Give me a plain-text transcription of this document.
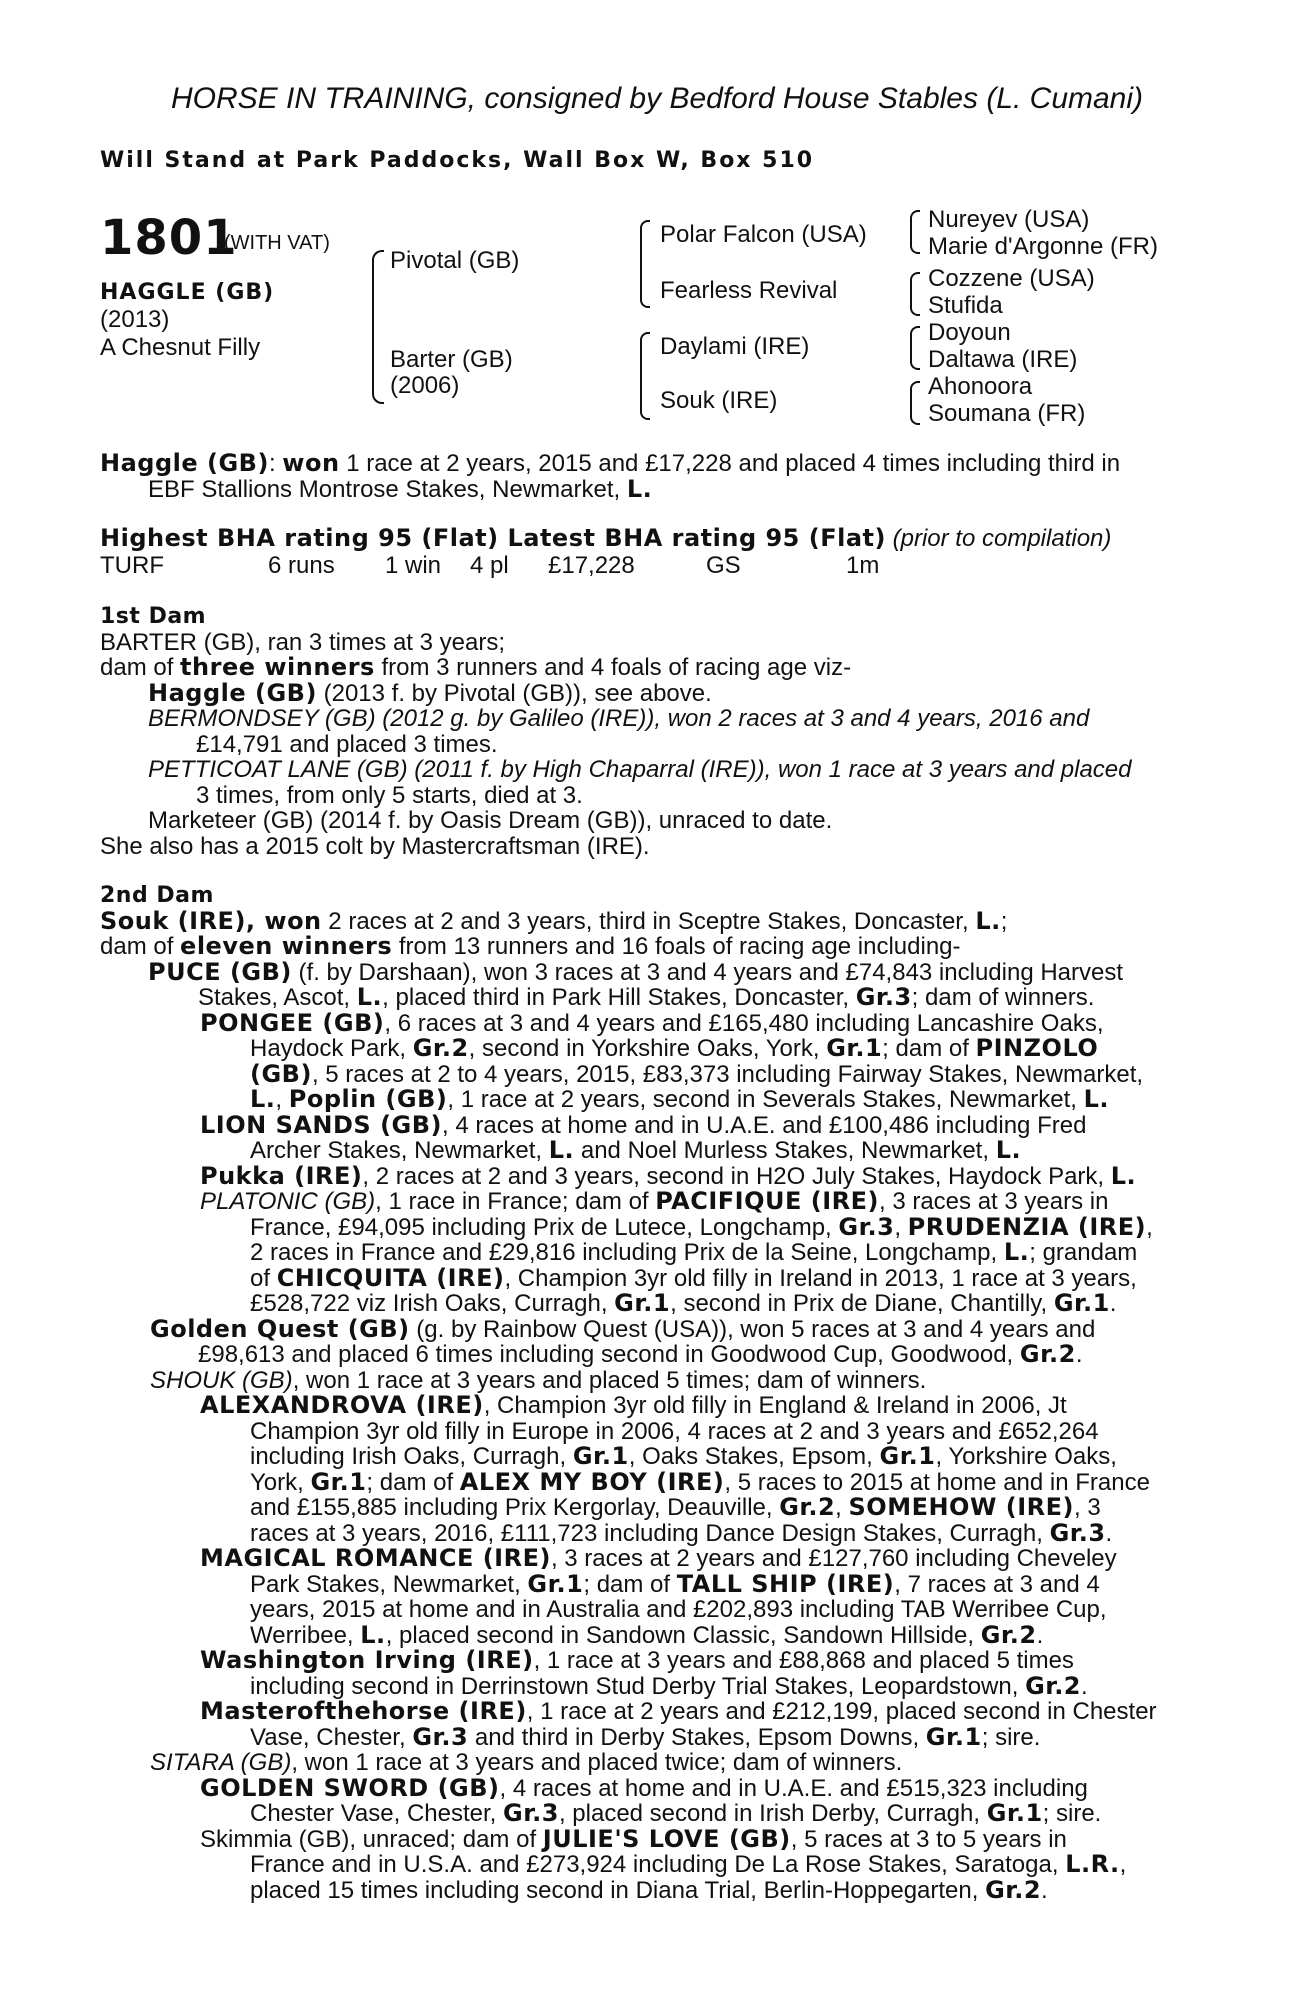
HORSE IN TRAINING, consigned by Bedford House Stables (L. Cumani)
Will Stand at Park Paddocks, Wall Box W, Box 510
1801
(WITH VAT)
HAGGLE (GB)
(2013)
A Chesnut Filly
Pivotal (GB)
Barter (GB)
(2006)
Polar Falcon (USA)
Fearless Revival
Daylami (IRE)
Souk (IRE)
Nureyev (USA)
Marie d'Argonne (FR)
Cozzene (USA)
Stufida
Doyoun
Daltawa (IRE)
Ahonoora
Soumana (FR)
Haggle (GB): won 1 race at 2 years, 2015 and £17,228 and placed 4 times including third in
EBF Stallions Montrose Stakes, Newmarket, L.
Highest BHA rating 95 (Flat) Latest BHA rating 95 (Flat) (prior to compilation)
TURF	6 runs 1 win 4 pl £17,228	GS	1m
1st Dam
BARTER (GB), ran 3 times at 3 years;
dam of three winners from 3 runners and 4 foals of racing age viz-
Haggle (GB) (2013 f. by Pivotal (GB)), see above.
BERMONDSEY (GB) (2012 g. by Galileo (IRE)), won 2 races at 3 and 4 years, 2016 and
£14,791 and placed 3 times.
PETTICOAT LANE (GB) (2011 f. by High Chaparral (IRE)), won 1 race at 3 years and placed
3 times, from only 5 starts, died at 3.
Marketeer (GB) (2014 f. by Oasis Dream (GB)), unraced to date.
She also has a 2015 colt by Mastercraftsman (IRE).
2nd Dam
Souk (IRE), won 2 races at 2 and 3 years, third in Sceptre Stakes, Doncaster, L.;
dam of eleven winners from 13 runners and 16 foals of racing age including-
PUCE (GB) (f. by Darshaan), won 3 races at 3 and 4 years and £74,843 including Harvest
Stakes, Ascot, L., placed third in Park Hill Stakes, Doncaster, Gr.3; dam of winners.
PONGEE (GB), 6 races at 3 and 4 years and £165,480 including Lancashire Oaks,
Haydock Park, Gr.2, second in Yorkshire Oaks, York, Gr.1; dam of PINZOLO
(GB), 5 races at 2 to 4 years, 2015, £83,373 including Fairway Stakes, Newmarket,
L., Poplin (GB), 1 race at 2 years, second in Severals Stakes, Newmarket, L.
LION SANDS (GB), 4 races at home and in U.A.E. and £100,486 including Fred
Archer Stakes, Newmarket, L. and Noel Murless Stakes, Newmarket, L.
Pukka (IRE), 2 races at 2 and 3 years, second in H2O July Stakes, Haydock Park, L.
PLATONIC (GB), 1 race in France; dam of PACIFIQUE (IRE), 3 races at 3 years in
France, £94,095 including Prix de Lutece, Longchamp, Gr.3, PRUDENZIA (IRE),
2 races in France and £29,816 including Prix de la Seine, Longchamp, L.; grandam
of CHICQUITA (IRE), Champion 3yr old filly in Ireland in 2013, 1 race at 3 years,
£528,722 viz Irish Oaks, Curragh, Gr.1, second in Prix de Diane, Chantilly, Gr.1.
Golden Quest (GB) (g. by Rainbow Quest (USA)), won 5 races at 3 and 4 years and
£98,613 and placed 6 times including second in Goodwood Cup, Goodwood, Gr.2.
SHOUK (GB), won 1 race at 3 years and placed 5 times; dam of winners.
ALEXANDROVA (IRE), Champion 3yr old filly in England & Ireland in 2006, Jt
Champion 3yr old filly in Europe in 2006, 4 races at 2 and 3 years and £652,264
including Irish Oaks, Curragh, Gr.1, Oaks Stakes, Epsom, Gr.1, Yorkshire Oaks,
York, Gr.1; dam of ALEX MY BOY (IRE), 5 races to 2015 at home and in France
and £155,885 including Prix Kergorlay, Deauville, Gr.2, SOMEHOW (IRE), 3
races at 3 years, 2016, £111,723 including Dance Design Stakes, Curragh, Gr.3.
MAGICAL ROMANCE (IRE), 3 races at 2 years and £127,760 including Cheveley
Park Stakes, Newmarket, Gr.1; dam of TALL SHIP (IRE), 7 races at 3 and 4
years, 2015 at home and in Australia and £202,893 including TAB Werribee Cup,
Werribee, L., placed second in Sandown Classic, Sandown Hillside, Gr.2.
Washington Irving (IRE), 1 race at 3 years and £88,868 and placed 5 times
including second in Derrinstown Stud Derby Trial Stakes, Leopardstown, Gr.2.
Masterofthehorse (IRE), 1 race at 2 years and £212,199, placed second in Chester
Vase, Chester, Gr.3 and third in Derby Stakes, Epsom Downs, Gr.1; sire.
SITARA (GB), won 1 race at 3 years and placed twice; dam of winners.
GOLDEN SWORD (GB), 4 races at home and in U.A.E. and £515,323 including
Chester Vase, Chester, Gr.3, placed second in Irish Derby, Curragh, Gr.1; sire.
Skimmia (GB), unraced; dam of JULIE'S LOVE (GB), 5 races at 3 to 5 years in
France and in U.S.A. and £273,924 including De La Rose Stakes, Saratoga, L.R.,
placed 15 times including second in Diana Trial, Berlin-Hoppegarten, Gr.2.
